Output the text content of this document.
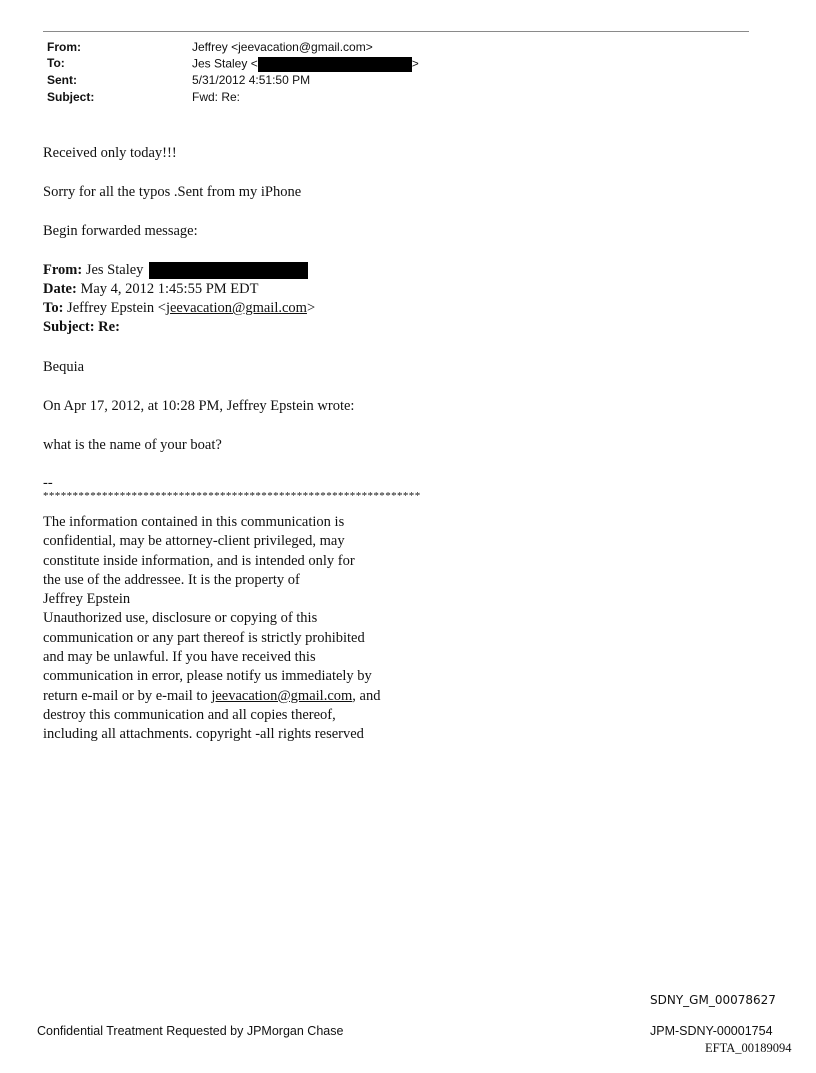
From:	Jeffrey <jeevacation@gmail.com>
To:	Jes Staley <	>
Sent:	5/31/2012 4:51:50 PM
Subject:	Fwd: Re:
Received only today!!!
Sorry for all the typos .Sent from my iPhone
Begin forwarded message:
From: Jes Staley
Date: May 4, 2012 1:45:55 PM EDT
To: Jeffrey Epstein <jeevacation@gmail.com>
Subject: Re:
Bequia
On Apr 17, 2012, at 10:28 PM, Jeffrey Epstein wrote:
what is the name of your boat?
--
****************************************************************
The information contained in this communication is
confidential, may be attorney-client privileged, may
constitute inside information, and is intended only for
the use of the addressee. It is the property of
Jeffrey Epstein
Unauthorized use, disclosure or copying of this
communication or any part thereof is strictly prohibited
and may be unlawful. If you have received this
communication in error, please notify us immediately by
return e-mail or by e-mail to jeevacation@gmail.com, and
destroy this communication and all copies thereof,
including all attachments. copyright -all rights reserved
SDNY_GM_00078627
Confidential Treatment Requested by JPMorgan Chase	JPM-SDNY-00001754
EFTA_00189094
